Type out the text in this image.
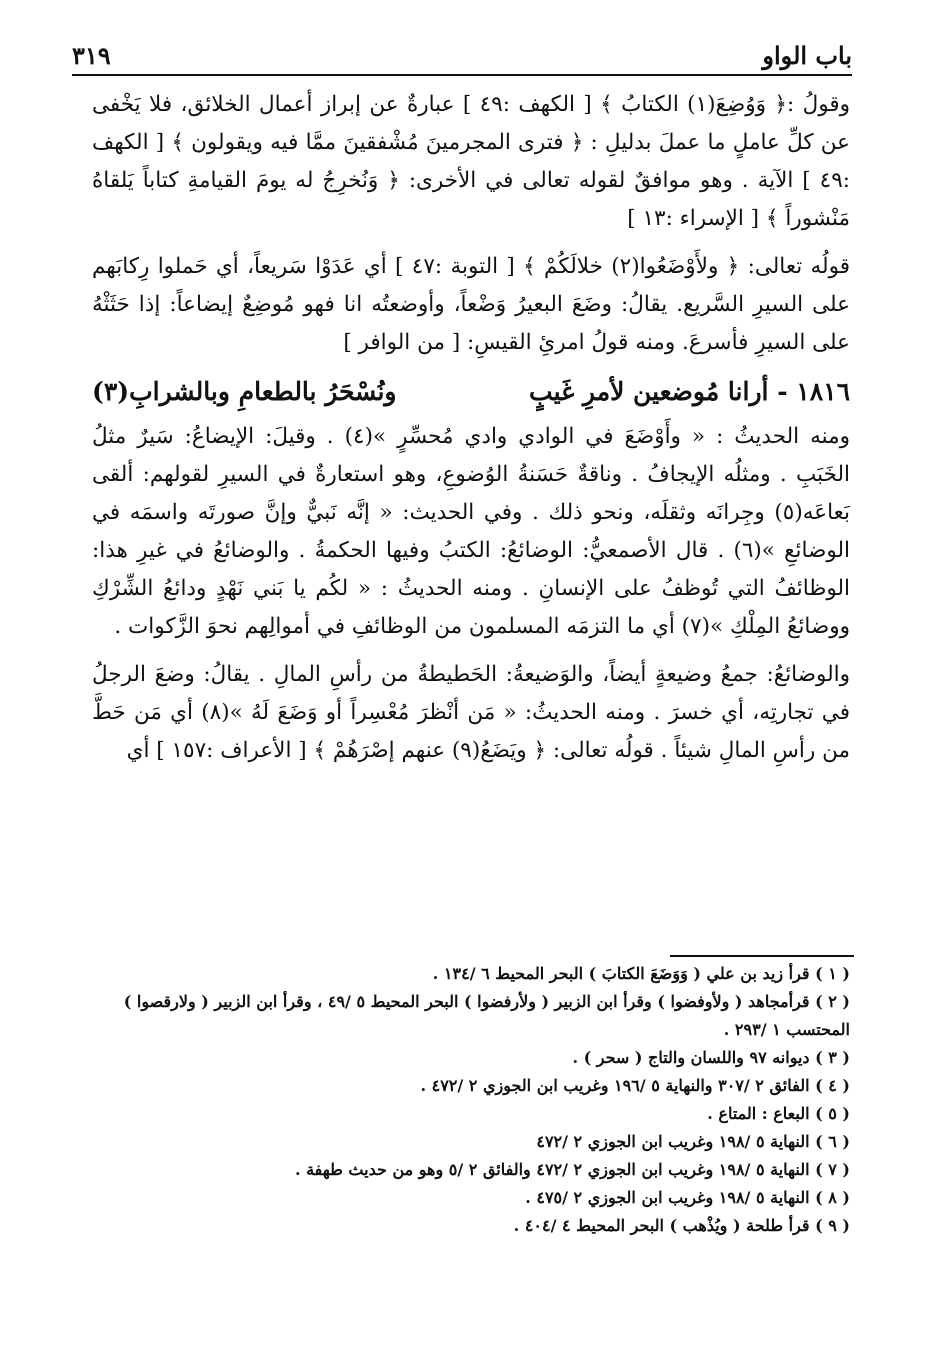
٣١٩	باب الواو

وقولُ :﴿ وَوُضِعَ(١) الكتابُ ﴾ [ الكهف :٤٩ ] عبارةٌ عن إبراز أعمال الخلائق، فلا يَخْفى عن كلِّ عاملٍ ما عملَ بدليلِ : ﴿ فترى المجرمينَ مُشْفقينَ ممَّا فيه ويقولون ﴾ [ الكهف :٤٩ ] الآية . وهو موافقٌ لقوله تعالى في الأخرى: ﴿ وَنُخرِجُ له يومَ القيامةِ كتاباً يَلقاهُ مَنْشوراً ﴾ [ الإسراء :١٣ ]

قولُه تعالى: ﴿ ولأَوْضَعُوا(٢) خلالَكُمْ ﴾ [ التوبة :٤٧ ] أي عَدَوْا سَريعاً، أي حَملوا رِكابَهم على السيرِ السَّريع. يقالُ: وضَعَ البعيرُ وَضْعاً، وأوضعتُه انا فهو مُوضِعٌ إيضاعاً: إذا حَثَثْهُ على السيرِ فأسرعَ. ومنه قولُ امرئِ القيسِ: [ من الوافر ]

١٨١٦ - أرانا مُوضعين لأمرِ غَيبٍ
ونُسْحَرُ بالطعامِ وبالشرابِ(٣)

ومنه الحديثُ : « وأَوْضَعَ في الوادي وادي مُحسِّرٍ »(٤) . وقيلَ: الإيضاعُ: سَيرٌ مثلُ الخَبَبِ . ومثلُه الإيجافُ . وناقةٌ حَسَنةُ الوُضوعِ، وهو استعارةٌ في السيرِ لقولهم: ألقى بَعاعَه(٥) وجِرانَه وثقلَه، ونحو ذلك . وفي الحديث: « إنَّه نَبيٌّ وإنَّ صورتَه واسمَه في الوضائعِ »(٦) . قال الأصمعيُّ: الوضائعُ: الكتبُ وفيها الحكمةُ . والوضائعُ في غيرِ هذا: الوظائفُ التي تُوظفُ على الإنسانِ . ومنه الحديثُ : « لكُم يا بَني نَهْدٍ ودائعُ الشِّرْكِ ووضائعُ المِلْكِ »(٧) أي ما التزمَه المسلمون من الوظائفِ في أموالِهم نحوَ الزَّكوات .

والوضائعُ: جمعُ وضيعةٍ أيضاً، والوَضيعةُ: الحَطيطةُ من رأسِ المالِ . يقالُ: وضعَ الرجلُ في تجارتِه، أي خسرَ . ومنه الحديثُ: « مَن أنْظرَ مُعْسِراً أو وَضَعَ لَهُ »(٨) أي مَن حَطَّ من رأسِ المالِ شيئاً . قولُه تعالى: ﴿ ويَضَعُ(٩) عنهم إصْرَهُمْ ﴾ [ الأعراف :١٥٧ ] أي

( ١ ) قرأ زيد بن علي ( وَوَضَعَ الكتابَ ) البحر المحيط ٦ /١٣٤ .
( ٢ ) قرأمجاهد ( ولأوفضوا ) وقرأ ابن الزبير ( ولأرفضوا ) البحر المحيط ٥ /٤٩ ، وقرأ ابن الزبير ( ولارقصوا ) المحتسب ١ /٢٩٣ .
( ٣ ) ديوانه ٩٧ واللسان والتاج ( سحر ) .
( ٤ ) الفائق ٢ /٣٠٧ والنهاية ٥ /١٩٦ وغريب ابن الجوزي ٢ /٤٧٢ .
( ٥ ) البعاع : المتاع .
( ٦ ) النهاية ٥ /١٩٨ وغريب ابن الجوزي ٢ /٤٧٢
( ٧ ) النهاية ٥ /١٩٨ وغريب ابن الجوزي ٢ /٤٧٢ والفائق ٢ /٥ وهو من حديث طهفة .
( ٨ ) النهاية ٥ /١٩٨ وغريب ابن الجوزي ٢ /٤٧٥ .
( ٩ ) قرأ طلحة ( ويُذْهب ) البحر المحيط ٤ /٤٠٤ .
